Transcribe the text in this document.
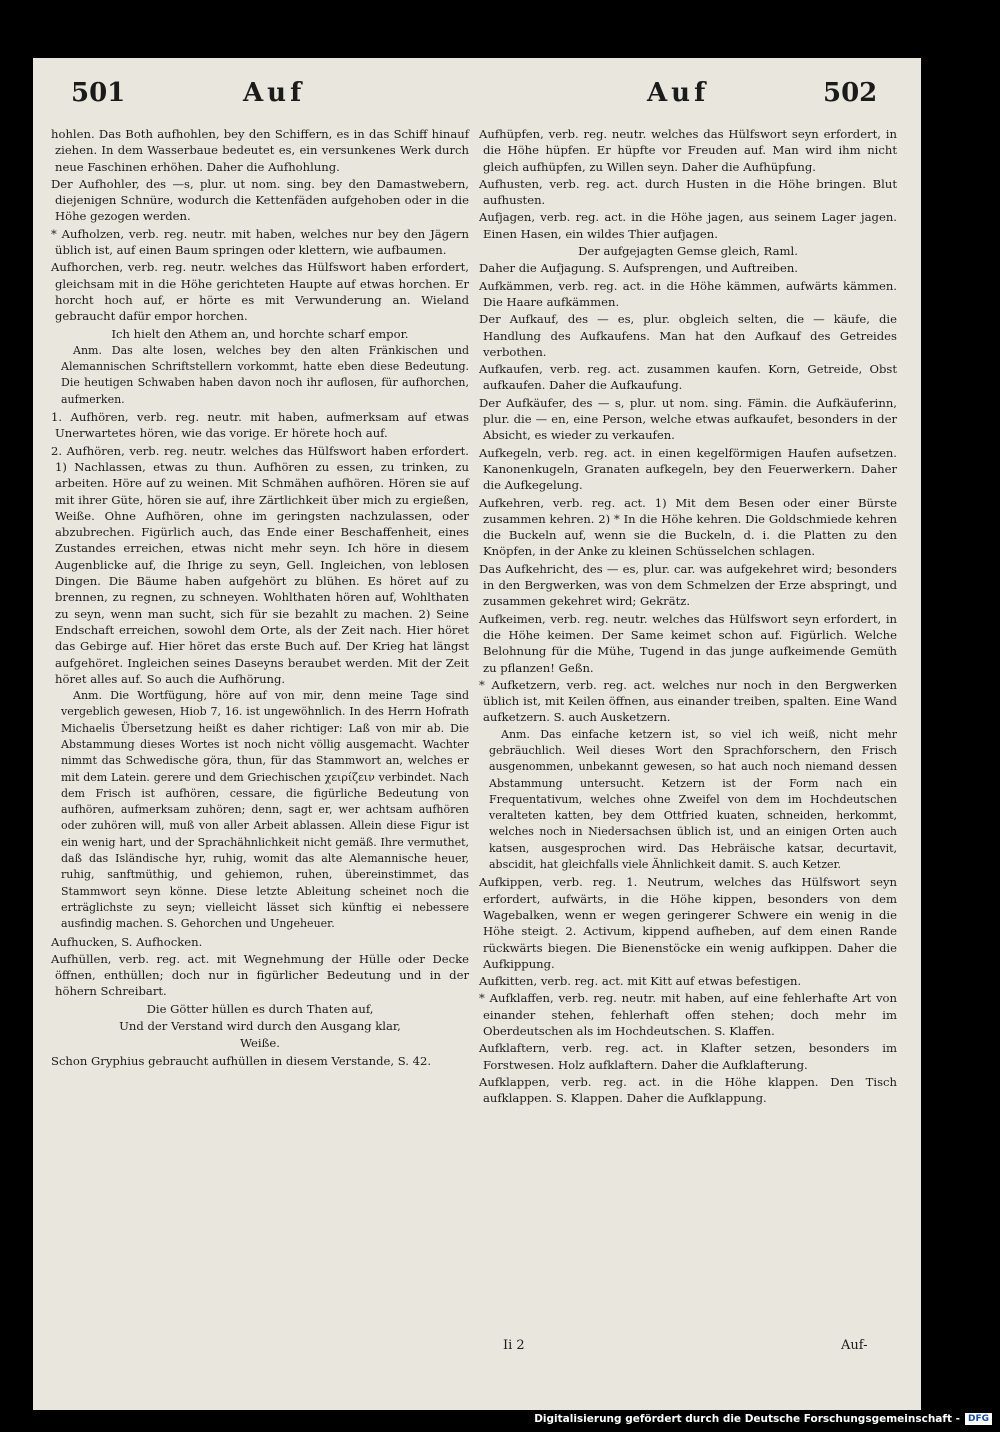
501	Auf	Auf	502

hohlen. Das Both aufhohlen, bey den Schiffern, es in das Schiff hinauf ziehen. In dem Wasserbaue bedeutet es, ein versunkenes Werk durch neue Faschinen erhöhen. Daher die Aufhohlung.

Der Aufhohler, des —s, plur. ut nom. sing. bey den Damastwebern, diejenigen Schnüre, wodurch die Kettenfäden aufgehoben oder in die Höhe gezogen werden.

* Aufholzen, verb. reg. neutr. mit haben, welches nur bey den Jägern üblich ist, auf einen Baum springen oder klettern, wie aufbaumen.

Aufhorchen, verb. reg. neutr. welches das Hülfswort haben erfordert, gleichsam mit in die Höhe gerichteten Haupte auf etwas horchen. Er horcht hoch auf, er hörte es mit Verwunderung an. Wieland gebraucht dafür empor horchen.

Ich hielt den Athem an, und horchte scharf empor.

Anm. Das alte losen, welches bey den alten Fränkischen und Alemannischen Schriftstellern vorkommt, hatte eben diese Bedeutung. Die heutigen Schwaben haben davon noch ihr auflosen, für aufhorchen, aufmerken.

1. Aufhören, verb. reg. neutr. mit haben, aufmerksam auf etwas Unerwartetes hören, wie das vorige. Er hörete hoch auf.

2. Aufhören, verb. reg. neutr. welches das Hülfswort haben erfordert. 1) Nachlassen, etwas zu thun. Aufhören zu essen, zu trinken, zu arbeiten. Höre auf zu weinen. Mit Schmähen aufhören. Hören sie auf mit ihrer Güte, hören sie auf, ihre Zärtlichkeit über mich zu ergießen, Weiße. Ohne Aufhören, ohne im geringsten nachzulassen, oder abzubrechen. Figürlich auch, das Ende einer Beschaffenheit, eines Zustandes erreichen, etwas nicht mehr seyn. Ich höre in diesem Augenblicke auf, die Ihrige zu seyn, Gell. Ingleichen, von leblosen Dingen. Die Bäume haben aufgehört zu blühen. Es höret auf zu brennen, zu regnen, zu schneyen. Wohlthaten hören auf, Wohlthaten zu seyn, wenn man sucht, sich für sie bezahlt zu machen. 2) Seine Endschaft erreichen, sowohl dem Orte, als der Zeit nach. Hier höret das Gebirge auf. Hier höret das erste Buch auf. Der Krieg hat längst aufgehöret. Ingleichen seines Daseyns beraubet werden. Mit der Zeit höret alles auf. So auch die Aufhörung.

Anm. Die Wortfügung, höre auf von mir, denn meine Tage sind vergeblich gewesen, Hiob 7, 16. ist ungewöhnlich. In des Herrn Hofrath Michaelis Übersetzung heißt es daher richtiger: Laß von mir ab. Die Abstammung dieses Wortes ist noch nicht völlig ausgemacht. Wachter nimmt das Schwedische göra, thun, für das Stammwort an, welches er mit dem Latein. gerere und dem Griechischen χειρίζειν verbindet. Nach dem Frisch ist aufhören, cessare, die figürliche Bedeutung von aufhören, aufmerksam zuhören; denn, sagt er, wer achtsam aufhören oder zuhören will, muß von aller Arbeit ablassen. Allein diese Figur ist ein wenig hart, und der Sprachähnlichkeit nicht gemäß. Ihre vermuthet, daß das Isländische hyr, ruhig, womit das alte Alemannische heuer, ruhig, sanftmüthig, und gehiemon, ruhen, übereinstimmet, das Stammwort seyn könne. Diese letzte Ableitung scheinet noch die erträglichste zu seyn; vielleicht lässet sich künftig ei nebessere ausfindig machen. S. Gehorchen und Ungeheuer.

Aufhucken, S. Aufhocken.

Aufhüllen, verb. reg. act. mit Wegnehmung der Hülle oder Decke öffnen, enthüllen; doch nur in figürlicher Bedeutung und in der höhern Schreibart.

Die Götter hüllen es durch Thaten auf,

Und der Verstand wird durch den Ausgang klar,

Weiße.

Schon Gryphius gebraucht aufhüllen in diesem Verstande, S. 42.

Aufhüpfen, verb. reg. neutr. welches das Hülfswort seyn erfordert, in die Höhe hüpfen. Er hüpfte vor Freuden auf. Man wird ihm nicht gleich aufhüpfen, zu Willen seyn. Daher die Aufhüpfung.

Aufhusten, verb. reg. act. durch Husten in die Höhe bringen. Blut aufhusten.

Aufjagen, verb. reg. act. in die Höhe jagen, aus seinem Lager jagen. Einen Hasen, ein wildes Thier aufjagen.

Der aufgejagten Gemse gleich, Raml.

Daher die Aufjagung. S. Aufsprengen, und Auftreiben.

Aufkämmen, verb. reg. act. in die Höhe kämmen, aufwärts kämmen. Die Haare aufkämmen.

Der Aufkauf, des — es, plur. obgleich selten, die — käufe, die Handlung des Aufkaufens. Man hat den Aufkauf des Getreides verbothen.

Aufkaufen, verb. reg. act. zusammen kaufen. Korn, Getreide, Obst aufkaufen. Daher die Aufkaufung.

Der Aufkäufer, des — s, plur. ut nom. sing. Fämin. die Aufkäuferinn, plur. die — en, eine Person, welche etwas aufkaufet, besonders in der Absicht, es wieder zu verkaufen.

Aufkegeln, verb. reg. act. in einen kegelförmigen Haufen aufsetzen. Kanonenkugeln, Granaten aufkegeln, bey den Feuerwerkern. Daher die Aufkegelung.

Aufkehren, verb. reg. act. 1) Mit dem Besen oder einer Bürste zusammen kehren. 2) * In die Höhe kehren. Die Goldschmiede kehren die Buckeln auf, wenn sie die Buckeln, d. i. die Platten zu den Knöpfen, in der Anke zu kleinen Schüsselchen schlagen.

Das Aufkehricht, des — es, plur. car. was aufgekehret wird; besonders in den Bergwerken, was von dem Schmelzen der Erze abspringt, und zusammen gekehret wird; Gekrätz.

Aufkeimen, verb. reg. neutr. welches das Hülfswort seyn erfordert, in die Höhe keimen. Der Same keimet schon auf. Figürlich. Welche Belohnung für die Mühe, Tugend in das junge aufkeimende Gemüth zu pflanzen! Geßn.

* Aufketzern, verb. reg. act. welches nur noch in den Bergwerken üblich ist, mit Keilen öffnen, aus einander treiben, spalten. Eine Wand aufketzern. S. auch Ausketzern.

Anm. Das einfache ketzern ist, so viel ich weiß, nicht mehr gebräuchlich. Weil dieses Wort den Sprachforschern, den Frisch ausgenommen, unbekannt gewesen, so hat auch noch niemand dessen Abstammung untersucht. Ketzern ist der Form nach ein Frequentativum, welches ohne Zweifel von dem im Hochdeutschen veralteten katten, bey dem Ottfried kuaten, schneiden, herkommt, welches noch in Niedersachsen üblich ist, und an einigen Orten auch katsen, ausgesprochen wird. Das Hebräische katsar, decurtavit, abscidit, hat gleichfalls viele Ähnlichkeit damit. S. auch Ketzer.

Aufkippen, verb. reg. 1. Neutrum, welches das Hülfswort seyn erfordert, aufwärts, in die Höhe kippen, besonders von dem Wagebalken, wenn er wegen geringerer Schwere ein wenig in die Höhe steigt. 2. Activum, kippend aufheben, auf dem einen Rande rückwärts biegen. Die Bienenstöcke ein wenig aufkippen. Daher die Aufkippung.

Aufkitten, verb. reg. act. mit Kitt auf etwas befestigen.

* Aufklaffen, verb. reg. neutr. mit haben, auf eine fehlerhafte Art von einander stehen, fehlerhaft offen stehen; doch mehr im Oberdeutschen als im Hochdeutschen. S. Klaffen.

Aufklaftern, verb. reg. act. in Klafter setzen, besonders im Forstwesen. Holz aufklaftern. Daher die Aufklafterung.

Aufklappen, verb. reg. act. in die Höhe klappen. Den Tisch aufklappen. S. Klappen. Daher die Aufklappung.

Ii 2	Auf-
Digitalisierung gefördert durch die Deutsche Forschungsgemeinschaft - DFG
